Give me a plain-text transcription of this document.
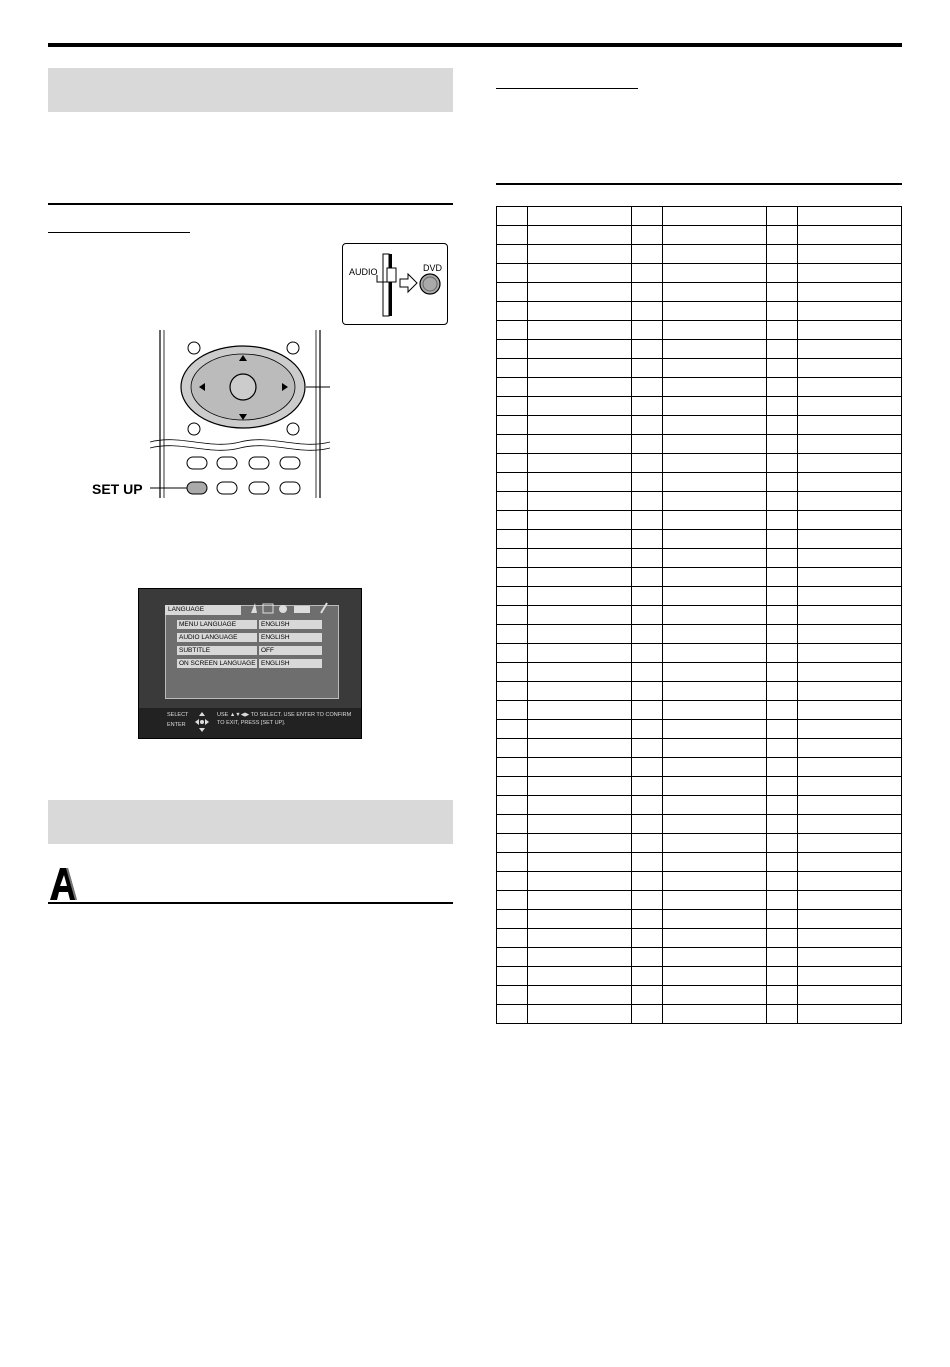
AUDIO	DVD
SET UP
LANGUAGE
MENU LANGUAGE	ENGLISH
AUDIO LANGUAGE	ENGLISH
SUBTITLE	OFF
ON SCREEN LANGUAGE ENGLISH
SELECT
ENTER
USE ▲▼◀▶ TO SELECT. USE ENTER TO CONFIRM
TO EXIT, PRESS [SET UP].
